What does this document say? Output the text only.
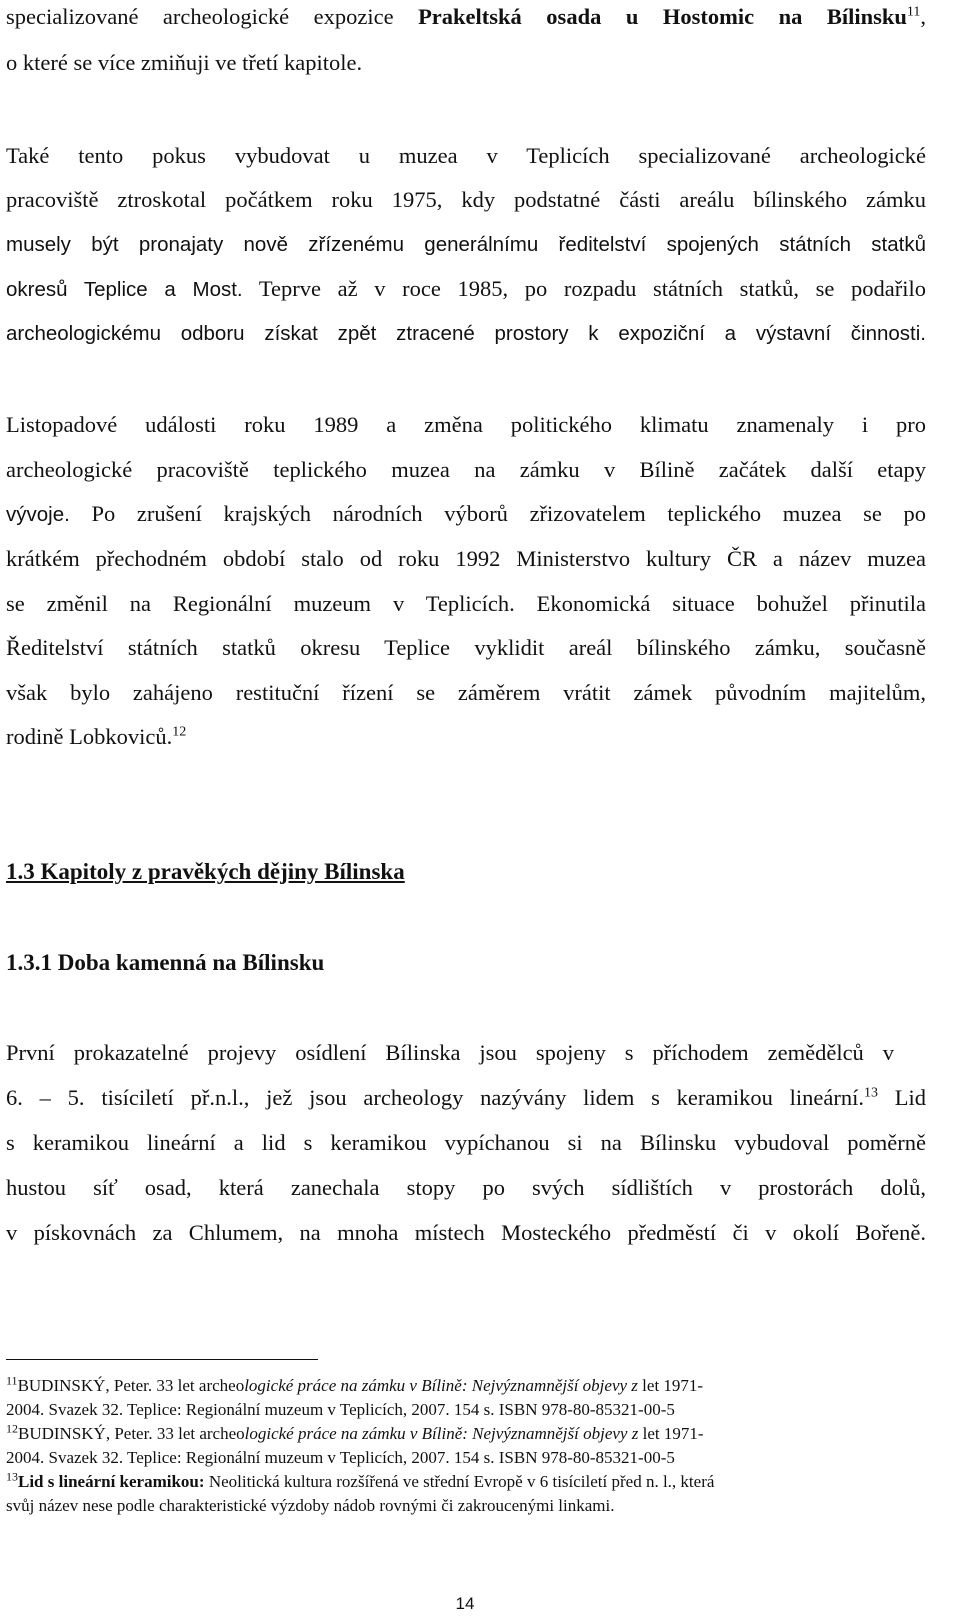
specializované archeologické expozice Prakeltská osada u Hostomic na Bílinsku$^{11}$,
o které se více zmiňuji ve třetí kapitole.
Také tento pokus vybudovat u muzea v Teplicích specializované archeologické
pracoviště ztroskotal počátkem roku 1975, kdy podstatné části areálu bílinského zámku
musely být pronajaty nově zřízenému generálnímu ředitelství spojených státních statků
okresů Teplice a Most. Teprve až v roce 1985, po rozpadu státních statků, se podařilo
archeologickému odboru získat zpět ztracené prostory k expoziční a výstavní činnosti.
Listopadové události roku 1989 a změna politického klimatu znamenaly i pro
archeologické pracoviště teplického muzea na zámku v Bílině začátek další etapy
vývoje. Po zrušení krajských národních výborů zřizovatelem teplického muzea se po
krátkém přechodném období stalo od roku 1992 Ministerstvo kultury ČR a název muzea
se změnil na Regionální muzeum v Teplicích. Ekonomická situace bohužel přinutila
Ředitelství státních statků okresu Teplice vyklidit areál bílinského zámku, současně
však bylo zahájeno restituční řízení se záměrem vrátit zámek původním majitelům,
rodině Lobkoviců.$^{12}$
1.3 Kapitoly z pravěkých dějiny Bílinska
1.3.1 Doba kamenná na Bílinsku
První prokazatelné projevy osídlení Bílinska jsou spojeny s příchodem zemědělců v
6. – 5. tisíciletí př.n.l., jež jsou archeology nazývány lidem s keramikou lineární.$^{13}$ Lid
s keramikou lineární a lid s keramikou vypíchanou si na Bílinsku vybudoval poměrně
hustou síť osad, která zanechala stopy po svých sídlištích v prostorách dolů,
v pískovnách za Chlumem, na mnoha místech Mosteckého předměstí či v okolí Bořeně.
$^{11}$BUDINSKÝ, Peter. 33 let archeologické práce na zámku v Bílině: Nejvýznamnější objevy z let 1971-
2004. Svazek 32. Teplice: Regionální muzeum v Teplicích, 2007. 154 s. ISBN 978-80-85321-00-5
$^{12}$BUDINSKÝ, Peter. 33 let archeologické práce na zámku v Bílině: Nejvýznamnější objevy z let 1971-
2004. Svazek 32. Teplice: Regionální muzeum v Teplicích, 2007. 154 s. ISBN 978-80-85321-00-5
$^{13}$Lid s lineární keramikou: Neolitická kultura rozšířená ve střední Evropě v 6 tisíciletí před n. l., která
svůj název nese podle charakteristické výzdoby nádob rovnými či zakroucenými linkami.
14
